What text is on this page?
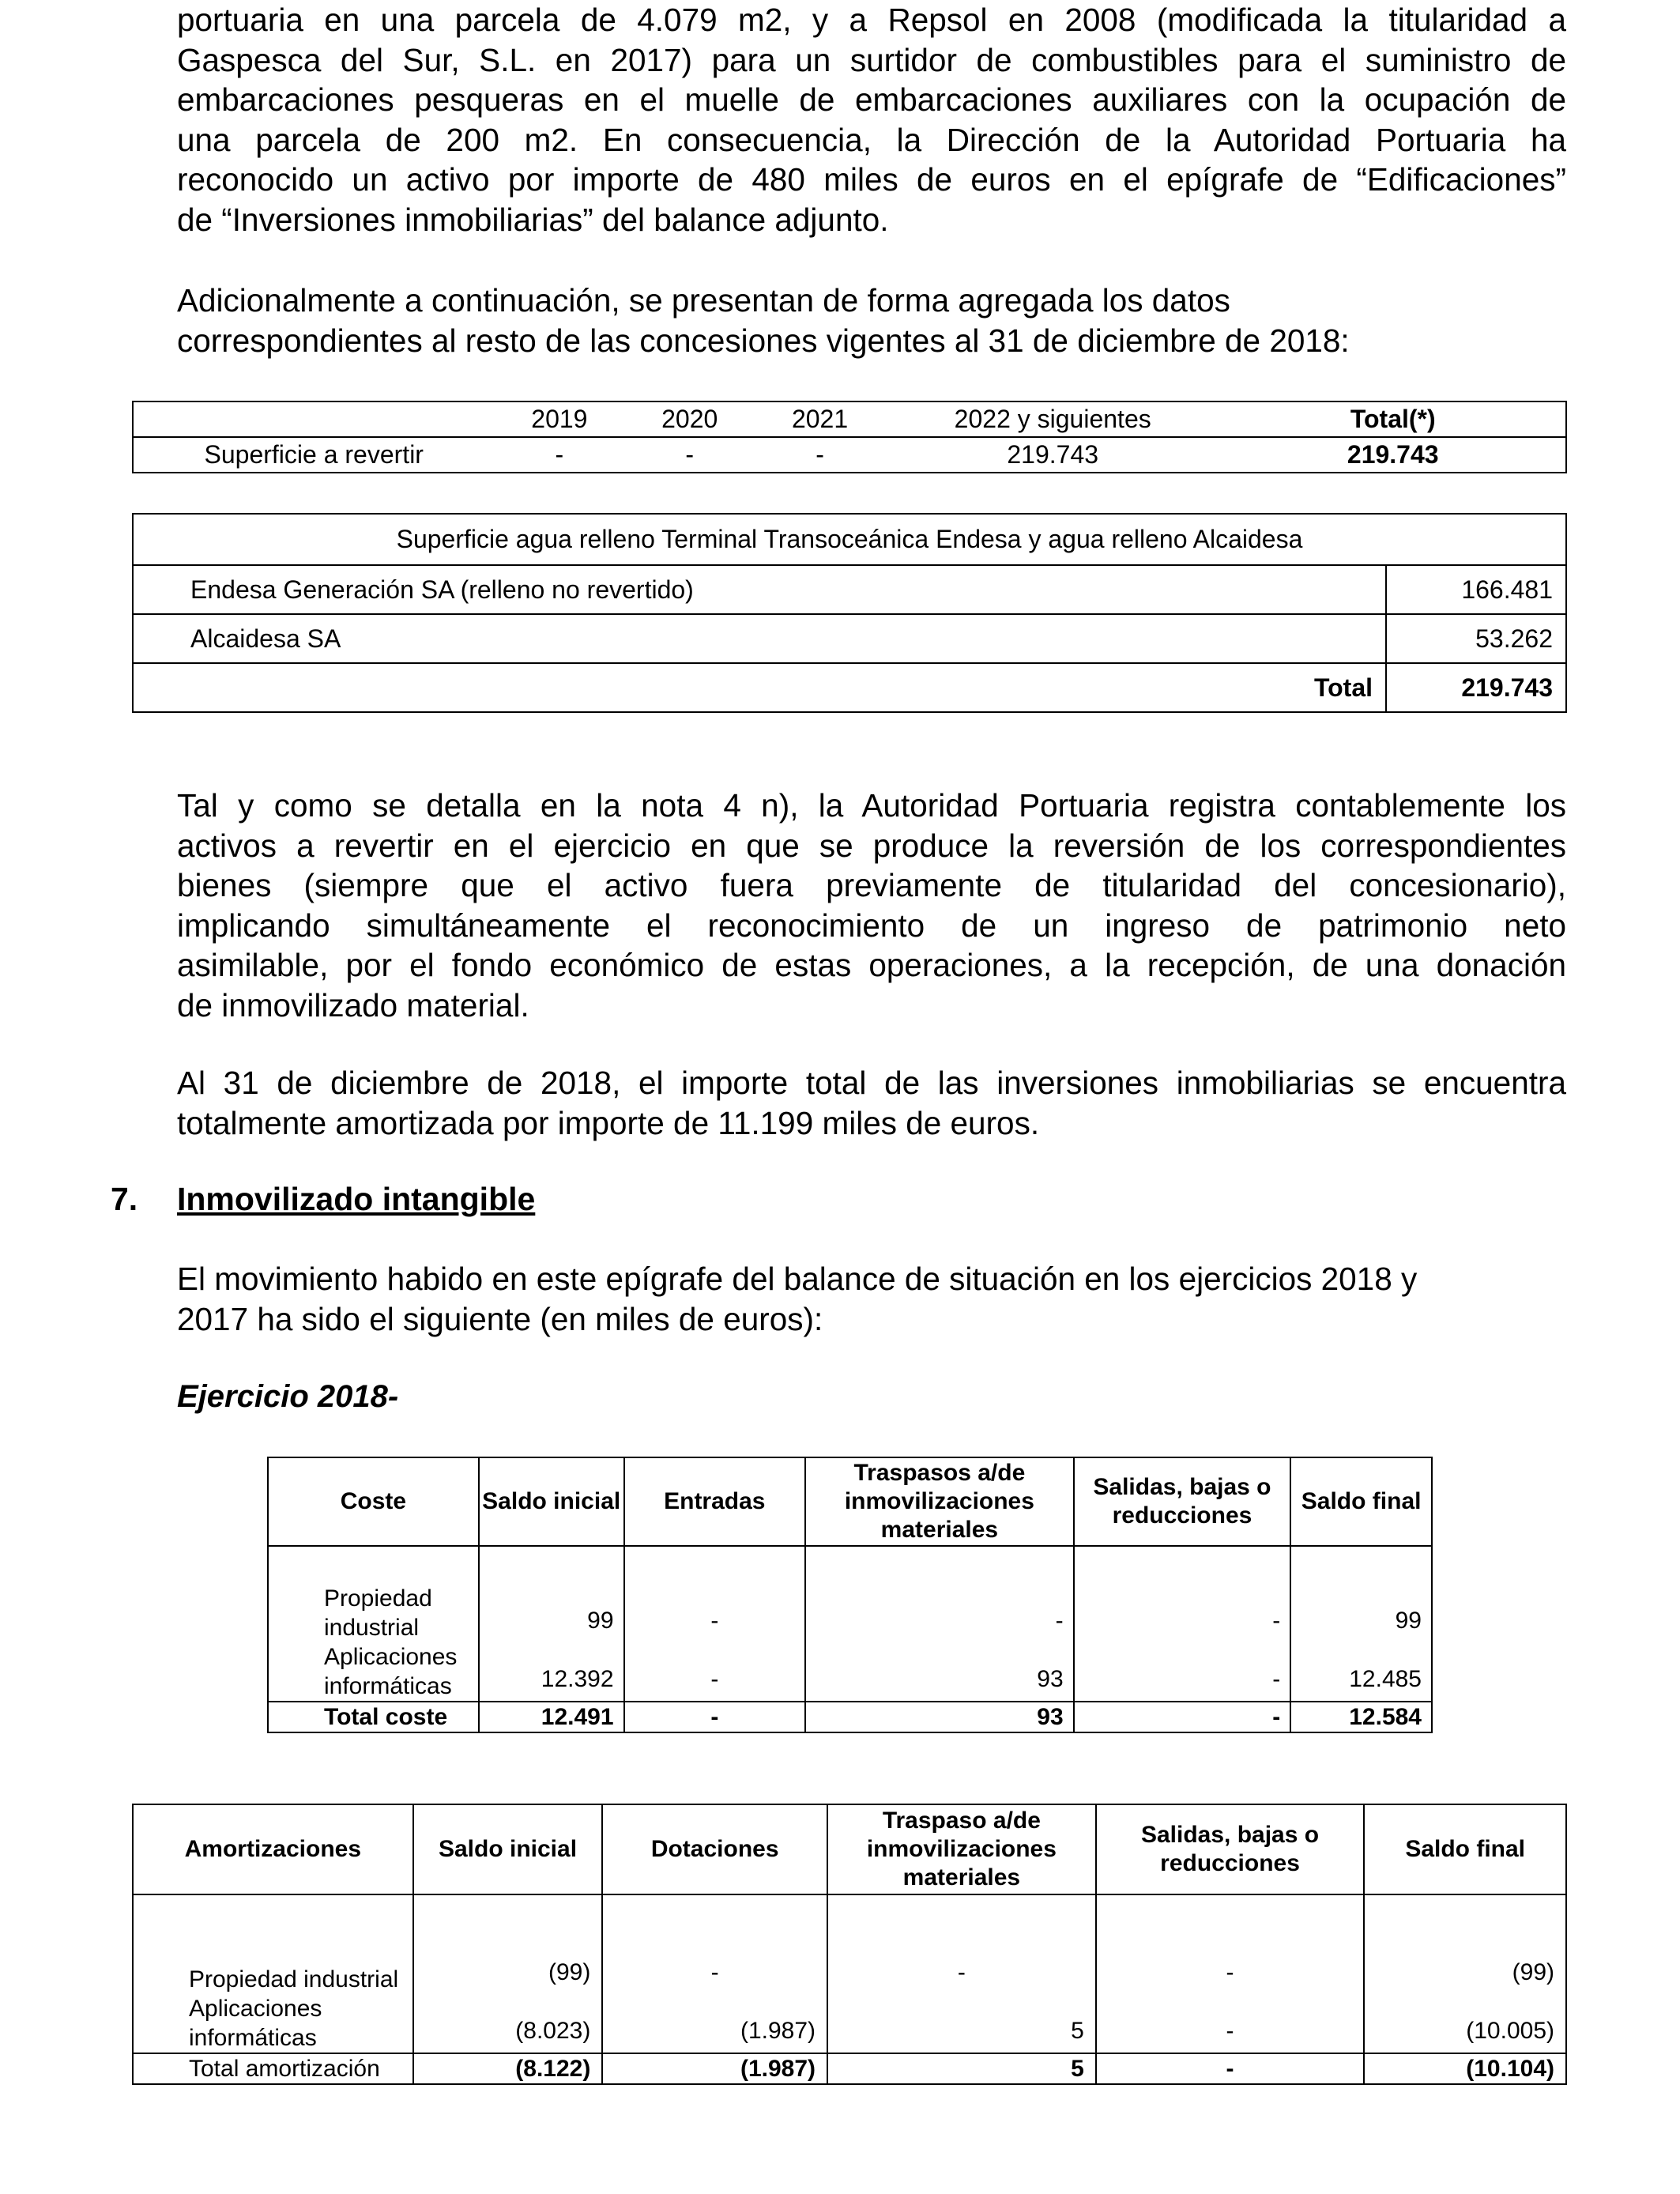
portuaria en una parcela de 4.079 m2, y a Repsol en 2008 (modificada la titularidad a
Gaspesca del Sur, S.L. en 2017) para un surtidor de combustibles para el suministro de
embarcaciones pesqueras en el muelle de embarcaciones auxiliares con la ocupación de
una parcela de 200 m2. En consecuencia, la Dirección de la Autoridad Portuaria ha
reconocido un activo por importe de 480 miles de euros en el epígrafe de “Edificaciones”
de “Inversiones inmobiliarias” del balance adjunto.
Adicionalmente a continuación, se presentan de forma agregada los datos
correspondientes al resto de las concesiones vigentes al 31 de diciembre de 2018:
	2019	2020	2021	2022 y siguientes	Total(*)
Superficie a revertir	-	-	-	219.743	219.743
Superficie agua relleno Terminal Transoceánica Endesa y agua relleno Alcaidesa	
Endesa Generación SA (relleno no revertido)	166.481
Alcaidesa SA	53.262
Total	219.743
Tal y como se detalla en la nota 4 n), la Autoridad Portuaria registra contablemente los
activos a revertir en el ejercicio en que se produce la reversión de los correspondientes
bienes (siempre que el activo fuera previamente de titularidad del concesionario),
implicando simultáneamente el reconocimiento de un ingreso de patrimonio neto
asimilable, por el fondo económico de estas operaciones, a la recepción, de una donación
de inmovilizado material.
Al 31 de diciembre de 2018, el importe total de las inversiones inmobiliarias se encuentra
totalmente amortizada por importe de 11.199 miles de euros.
7. Inmovilizado intangible
El movimiento habido en este epígrafe del balance de situación en los ejercicios 2018 y
2017 ha sido el siguiente (en miles de euros):
Ejercicio 2018-
Coste	Saldo inicial	Entradas	Traspasos a/de inmovilizaciones materiales	Salidas, bajas o reducciones	Saldo final
Propiedad industrial	99	-	-	-	99
Aplicaciones informáticas	12.392	-	93	-	12.485
Total coste	12.491	-	93	-	12.584
Amortizaciones	Saldo inicial	Dotaciones	Traspaso a/de inmovilizaciones materiales	Salidas, bajas o reducciones	Saldo final
Propiedad industrial	(99)	-	-	-	(99)
Aplicaciones informáticas	(8.023)	(1.987)	5	-	(10.005)
Total amortización	(8.122)	(1.987)	5	-	(10.104)
